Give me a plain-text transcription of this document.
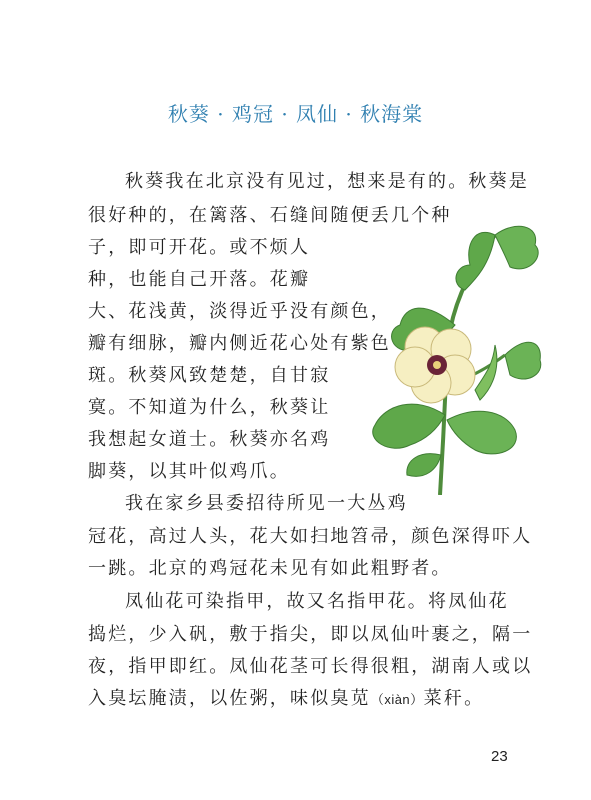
秋葵 · 鸡冠 · 凤仙 · 秋海棠
秋葵我在北京没有见过，想来是有的。秋葵是
很好种的，在篱落、石缝间随便丢几个种
子，即可开花。或不烦人
种，也能自己开落。花瓣
大、花浅黄，淡得近乎没有颜色，
瓣有细脉，瓣内侧近花心处有紫色
斑。秋葵风致楚楚，自甘寂
寞。不知道为什么，秋葵让
我想起女道士。秋葵亦名鸡
脚葵，以其叶似鸡爪。
我在家乡县委招待所见一大丛鸡
冠花，高过人头，花大如扫地笤帚，颜色深得吓人
一跳。北京的鸡冠花未见有如此粗野者。
凤仙花可染指甲，故又名指甲花。将凤仙花
捣烂，少入矾，敷于指尖，即以凤仙叶裹之，隔一
夜，指甲即红。凤仙花茎可长得很粗，湖南人或以
入臭坛腌渍，以佐粥，味似臭苋（xiàn）菜秆。
23
